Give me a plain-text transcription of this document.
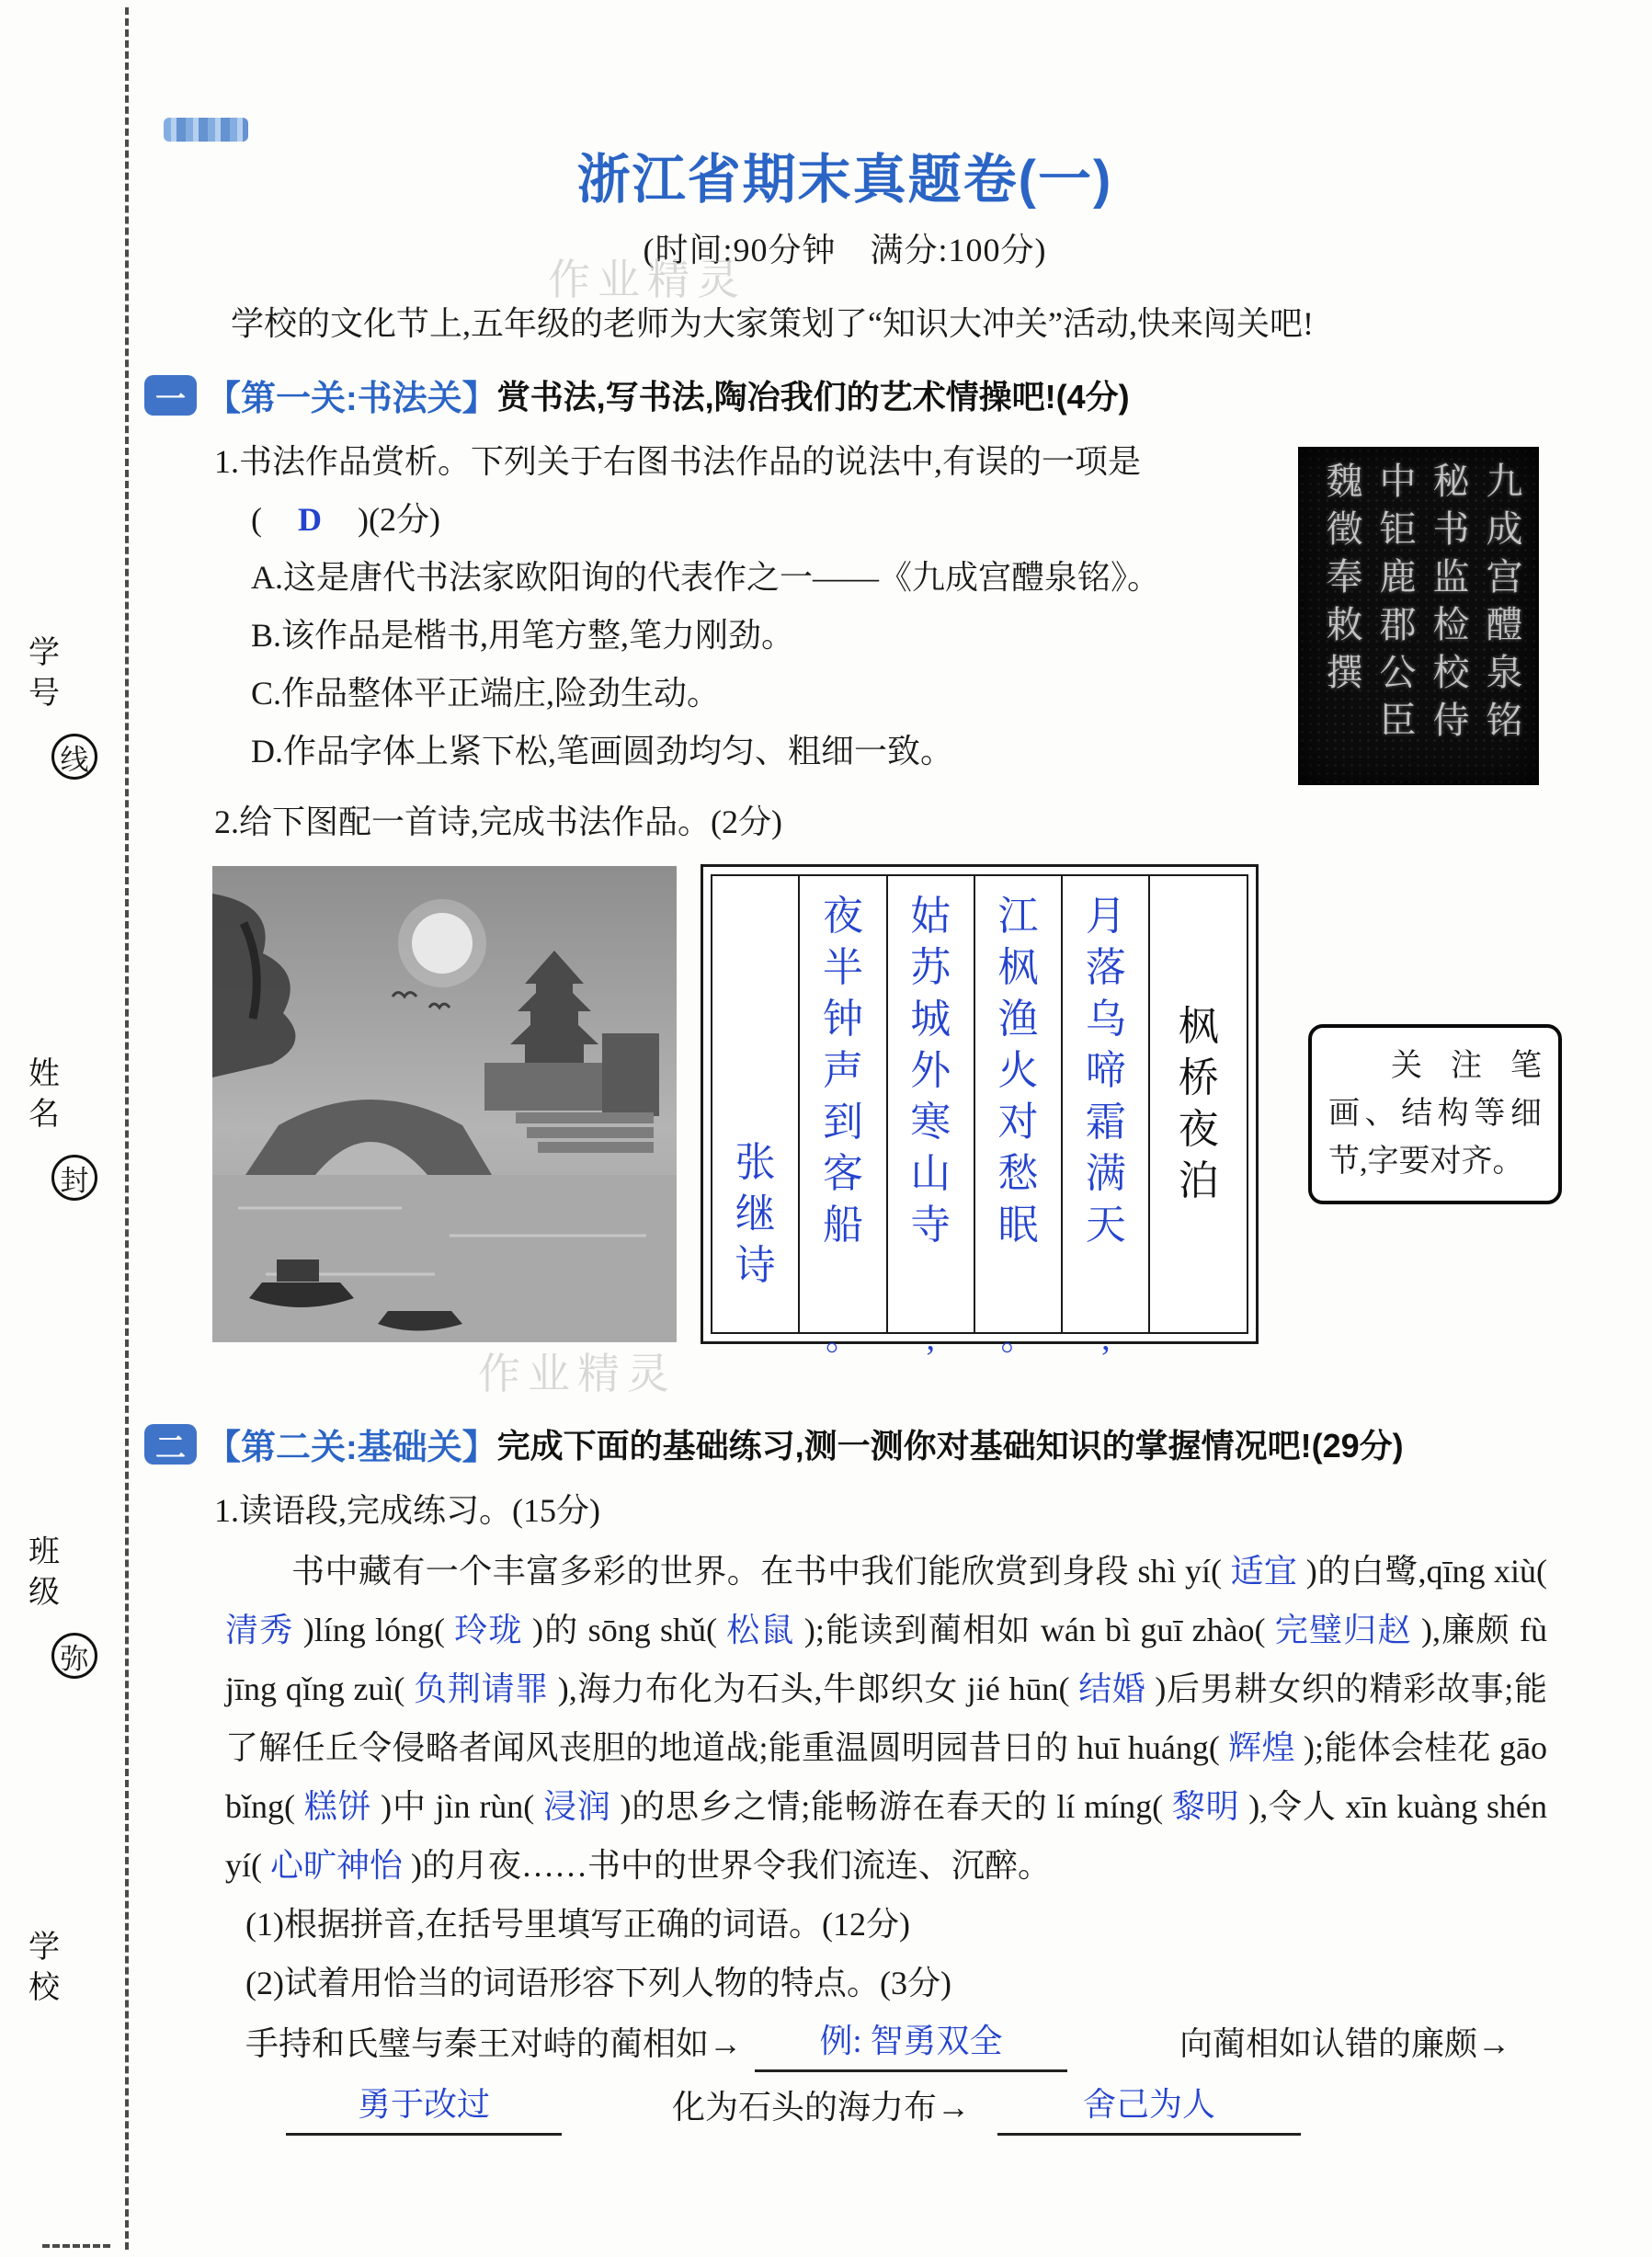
学号
线
姓名
封
班级
弥
学校
作业精灵
作业精灵
九成宫醴泉铭秘书监检校侍中钜鹿郡公臣魏徵奉敕撰
浙江省期末真题卷(一)
(时间:90分钟　满分:100分)

学校的文化节上,五年级的老师为大家策划了“知识大冲关”活动,快来闯关吧!

一 【第一关:书法关】 赏书法,写书法,陶冶我们的艺术情操吧!(4分)
1.书法作品赏析。下列关于右图书法作品的说法中,有误的一项是
( D )(2分)
A.这是唐代书法家欧阳询的代表作之一——《九成宫醴泉铭》。
B.该作品是楷书,用笔方整,笔力刚劲。
C.作品整体平正端庄,险劲生动。
D.作品字体上紧下松,笔画圆劲均匀、粗细一致。
2.给下图配一首诗,完成书法作品。(2分)
张
继
诗
夜
半
钟
声
到
客
船
。
姑
苏
城
外
寒
山
寺
,
江
枫
渔
火
对
愁
眠
。
月
落
乌
啼
霜
满
天
,
枫
桥
夜
泊
关注笔画、结构等细节,字要对齐。
二 【第二关:基础关】 完成下面的基础练习,测一测你对基础知识的掌握情况吧!(29分)
1.读语段,完成练习。(15分)

书中藏有一个丰富多彩的世界。在书中我们能欣赏到身段 shì yí( 适宜 )的白鹭,qīng xiù( 清秀 )líng lóng( 玲珑 )的 sōng shǔ( 松鼠 );能读到蔺相如 wán bì guī zhào( 完璧归赵 ),廉颇 fù jīng qǐng zuì( 负荆请罪 ),海力布化为石头,牛郎织女 jié hūn( 结婚 )后男耕女织的精彩故事;能了解任丘令侵略者闻风丧胆的地道战;能重温圆明园昔日的 huī huáng( 辉煌 );能体会桂花 gāo bǐng( 糕饼 )中 jìn rùn( 浸润 )的思乡之情;能畅游在春天的 lí míng( 黎明 ),令人 xīn kuàng shén yí( 心旷神怡 )的月夜……书中的世界令我们流连、沉醉。

(1)根据拼音,在括号里填写正确的词语。(12分)
(2)试着用恰当的词语形容下列人物的特点。(3分)
手持和氏璧与秦王对峙的蔺相如→	例: 智勇双全	向蔺相如认错的廉颇→
勇于改过	化为石头的海力布→	舍己为人
